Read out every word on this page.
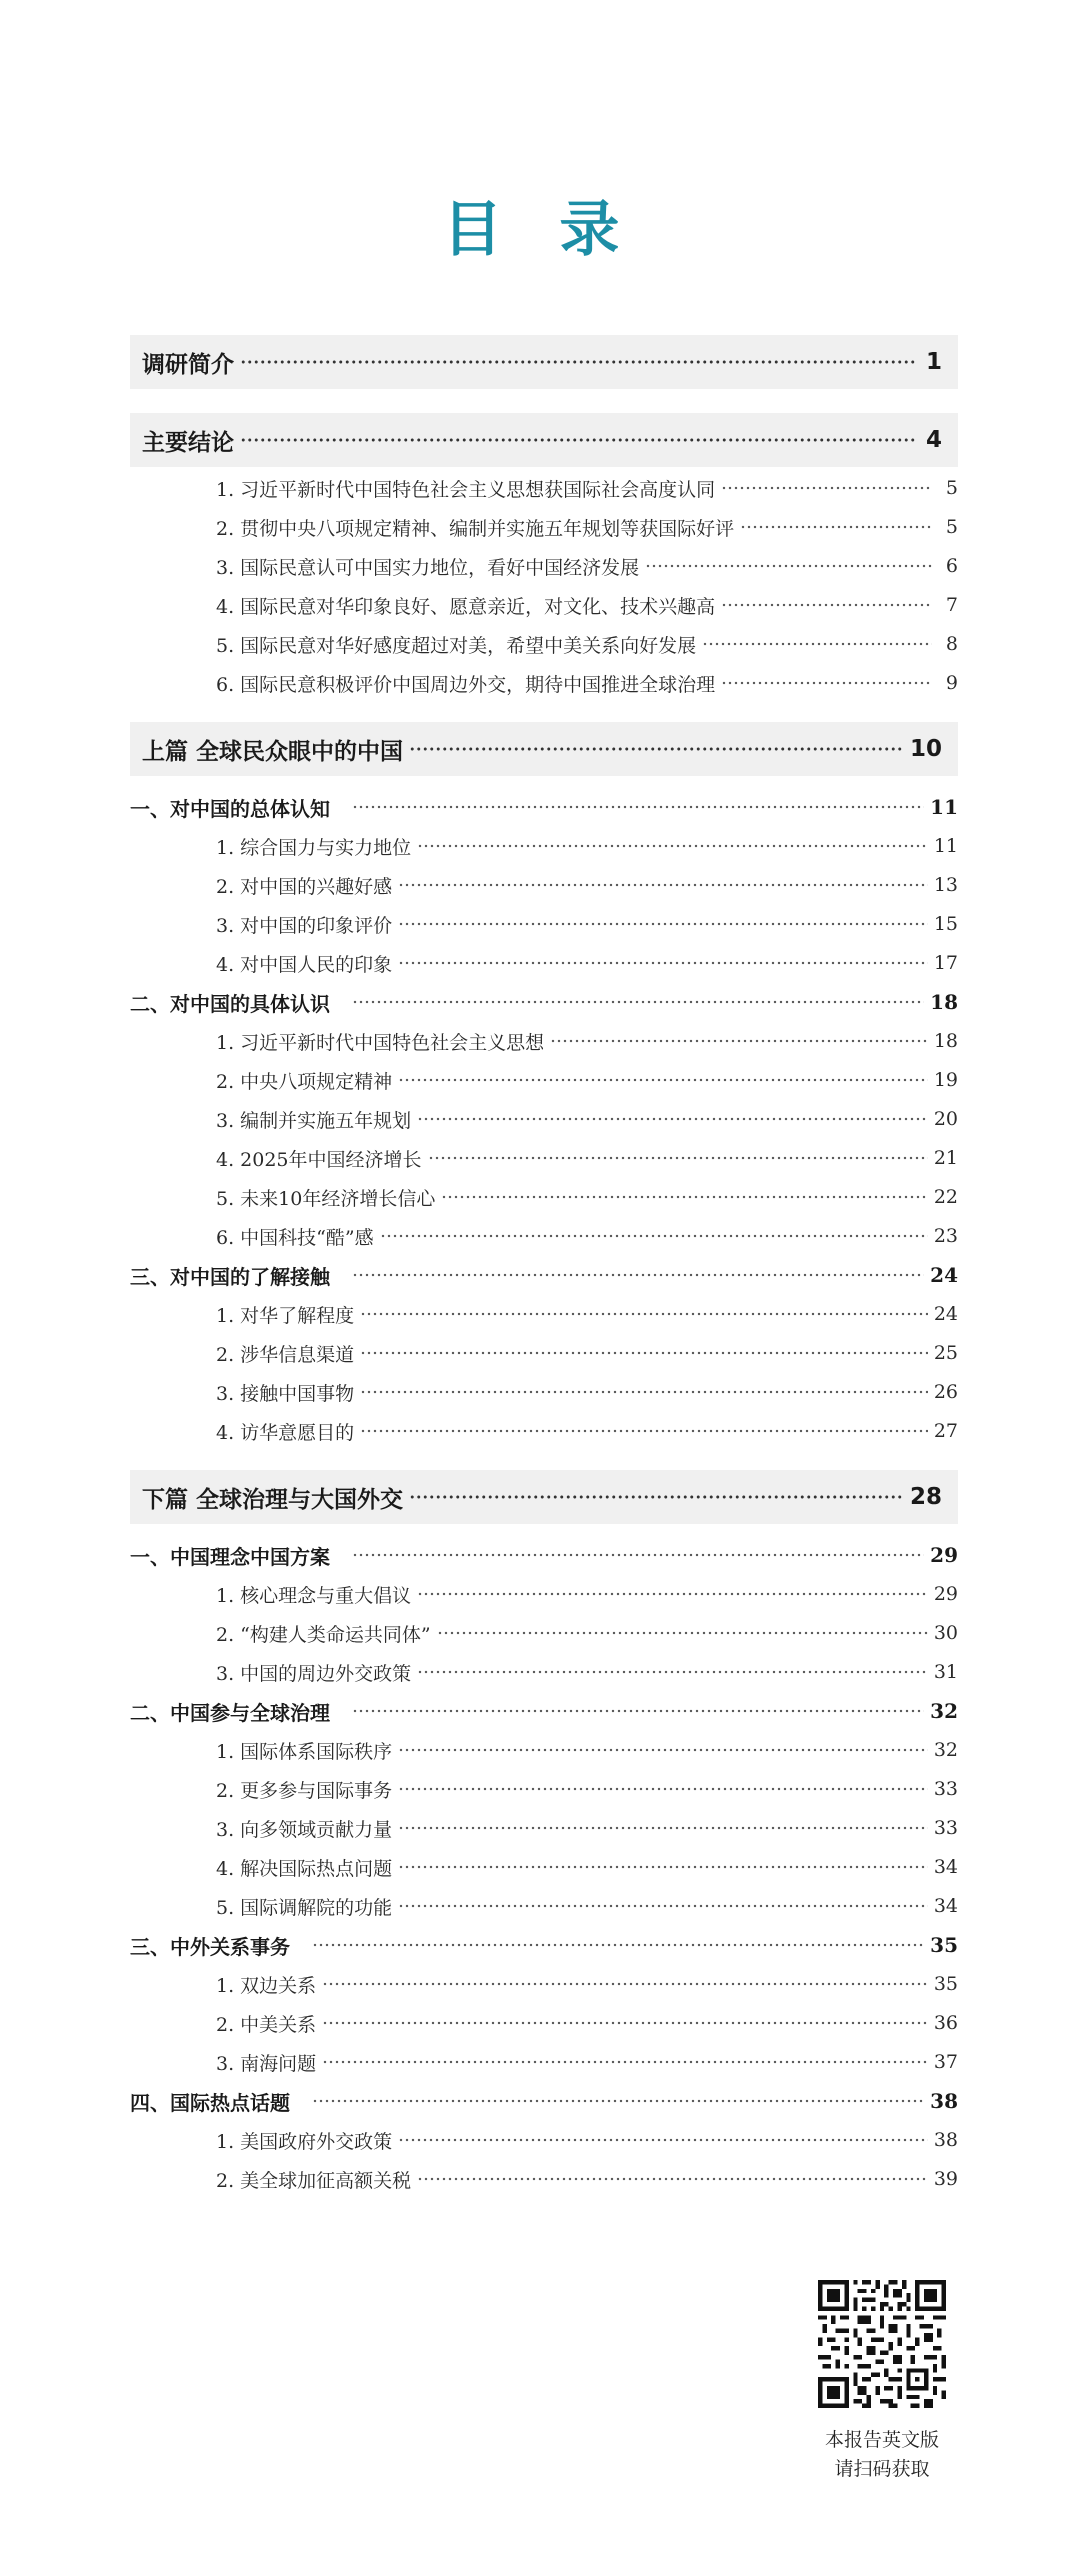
目 录
调研简介	1
主要结论	4
1. 习近平新时代中国特色社会主义思想获国际社会高度认同	5
2. 贯彻中央八项规定精神、编制并实施五年规划等获国际好评	5
3. 国际民意认可中国实力地位，看好中国经济发展	6
4. 国际民意对华印象良好、愿意亲近，对文化、技术兴趣高	7
5. 国际民意对华好感度超过对美，希望中美关系向好发展	8
6. 国际民意积极评价中国周边外交，期待中国推进全球治理	9
上篇 全球民众眼中的中国	10
一、对中国的总体认知	11
1. 综合国力与实力地位	11
2. 对中国的兴趣好感	13
3. 对中国的印象评价	15
4. 对中国人民的印象	17
二、对中国的具体认识	18
1. 习近平新时代中国特色社会主义思想	18
2. 中央八项规定精神	19
3. 编制并实施五年规划	20
4. 2025年中国经济增长	21
5. 未来10年经济增长信心	22
6. 中国科技“酷”感	23
三、对中国的了解接触	24
1. 对华了解程度	24
2. 涉华信息渠道	25
3. 接触中国事物	26
4. 访华意愿目的	27
下篇 全球治理与大国外交	28
一、中国理念中国方案	29
1. 核心理念与重大倡议	29
2. “构建人类命运共同体”	30
3. 中国的周边外交政策	31
二、中国参与全球治理	32
1. 国际体系国际秩序	32
2. 更多参与国际事务	33
3. 向多领域贡献力量	33
4. 解决国际热点问题	34
5. 国际调解院的功能	34
三、中外关系事务	35
1. 双边关系	35
2. 中美关系	36
3. 南海问题	37
四、国际热点话题	38
1. 美国政府外交政策	38
2. 美全球加征高额关税	39
本报告英文版
请扫码获取
